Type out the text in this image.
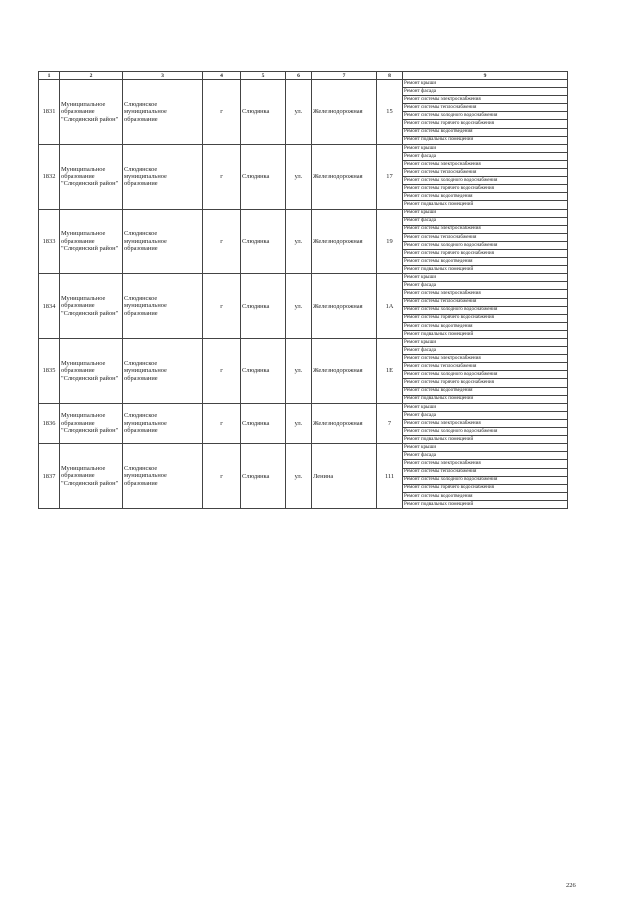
1	2	3	4	5	6	7	8	9
1831	Муниципальное образование "Слюдянский район"	Слюдянское муниципальное образование	г	Слюдянка	ул.	Железнодорожная	15	Ремонт крыши
								Ремонт фасада
								Ремонт системы электроснабжения
								Ремонт системы теплоснабжения
								Ремонт системы холодного водоснабжения
								Ремонт системы горячего водоснабжения
								Ремонт системы водоотведения
								Ремонт подвальных помещений
1832	Муниципальное образование "Слюдянский район"	Слюдянское муниципальное образование	г	Слюдянка	ул.	Железнодорожная	17	Ремонт крыши
								Ремонт фасада
								Ремонт системы электроснабжения
								Ремонт системы теплоснабжения
								Ремонт системы холодного водоснабжения
								Ремонт системы горячего водоснабжения
								Ремонт системы водоотведения
								Ремонт подвальных помещений
1833	Муниципальное образование "Слюдянский район"	Слюдянское муниципальное образование	г	Слюдянка	ул.	Железнодорожная	19	Ремонт крыши
								Ремонт фасада
								Ремонт системы электроснабжения
								Ремонт системы теплоснабжения
								Ремонт системы холодного водоснабжения
								Ремонт системы горячего водоснабжения
								Ремонт системы водоотведения
								Ремонт подвальных помещений
1834	Муниципальное образование "Слюдянский район"	Слюдянское муниципальное образование	г	Слюдянка	ул.	Железнодорожная	1А	Ремонт крыши
								Ремонт фасада
								Ремонт системы электроснабжения
								Ремонт системы теплоснабжения
								Ремонт системы холодного водоснабжения
								Ремонт системы горячего водоснабжения
								Ремонт системы водоотведения
								Ремонт подвальных помещений
1835	Муниципальное образование "Слюдянский район"	Слюдянское муниципальное образование	г	Слюдянка	ул.	Железнодорожная	1Е	Ремонт крыши
								Ремонт фасада
								Ремонт системы электроснабжения
								Ремонт системы теплоснабжения
								Ремонт системы холодного водоснабжения
								Ремонт системы горячего водоснабжения
								Ремонт системы водоотведения
								Ремонт подвальных помещений
1836	Муниципальное образование "Слюдянский район"	Слюдянское муниципальное образование	г	Слюдянка	ул.	Железнодорожная	7	Ремонт крыши
								Ремонт фасада
								Ремонт системы электроснабжения
								Ремонт системы холодного водоснабжения
								Ремонт подвальных помещений
1837	Муниципальное образование "Слюдянский район"	Слюдянское муниципальное образование	г	Слюдянка	ул.	Ленина	111	Ремонт крыши
								Ремонт фасада
								Ремонт системы электроснабжения
								Ремонт системы теплоснабжения
								Ремонт системы холодного водоснабжения
								Ремонт системы горячего водоснабжения
								Ремонт системы водоотведения
								Ремонт подвальных помещений
226
